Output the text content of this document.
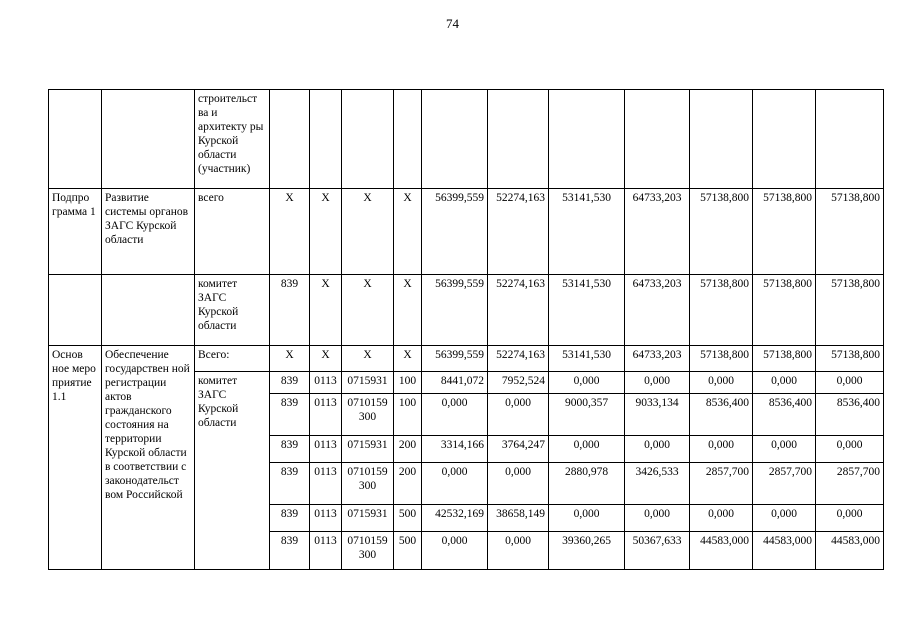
74
		строительст ва и архитекту ры Курской области (участник)											
Подпро грамма 1	Развитие системы органов ЗАГС Курской области	всего	Х	Х	Х	Х	56399,559	52274,163	53141,530	64733,203	57138,800	57138,800	57138,800
		комитет ЗАГС Курской области	839	Х	Х	Х	56399,559	52274,163	53141,530	64733,203	57138,800	57138,800	57138,800
Основ ное меро приятие 1.1	Обеспечение государствен ной регистрации актов гражданского состояния на территории Курской области в соответствии с законодательст вом Российской	Всего:	Х	Х	Х	Х	56399,559	52274,163	53141,530	64733,203	57138,800	57138,800	57138,800
		комитет ЗАГС Курской области	839	0113	0715931	100	8441,072	7952,524	0,000	0,000	0,000	0,000	0,000
			839	0113	0710159 300	100	0,000	0,000	9000,357	9033,134	8536,400	8536,400	8536,400
			839	0113	0715931	200	3314,166	3764,247	0,000	0,000	0,000	0,000	0,000
			839	0113	0710159 300	200	0,000	0,000	2880,978	3426,533	2857,700	2857,700	2857,700
			839	0113	0715931	500	42532,169	38658,149	0,000	0,000	0,000	0,000	0,000
			839	0113	0710159 300	500	0,000	0,000	39360,265	50367,633	44583,000	44583,000	44583,000
